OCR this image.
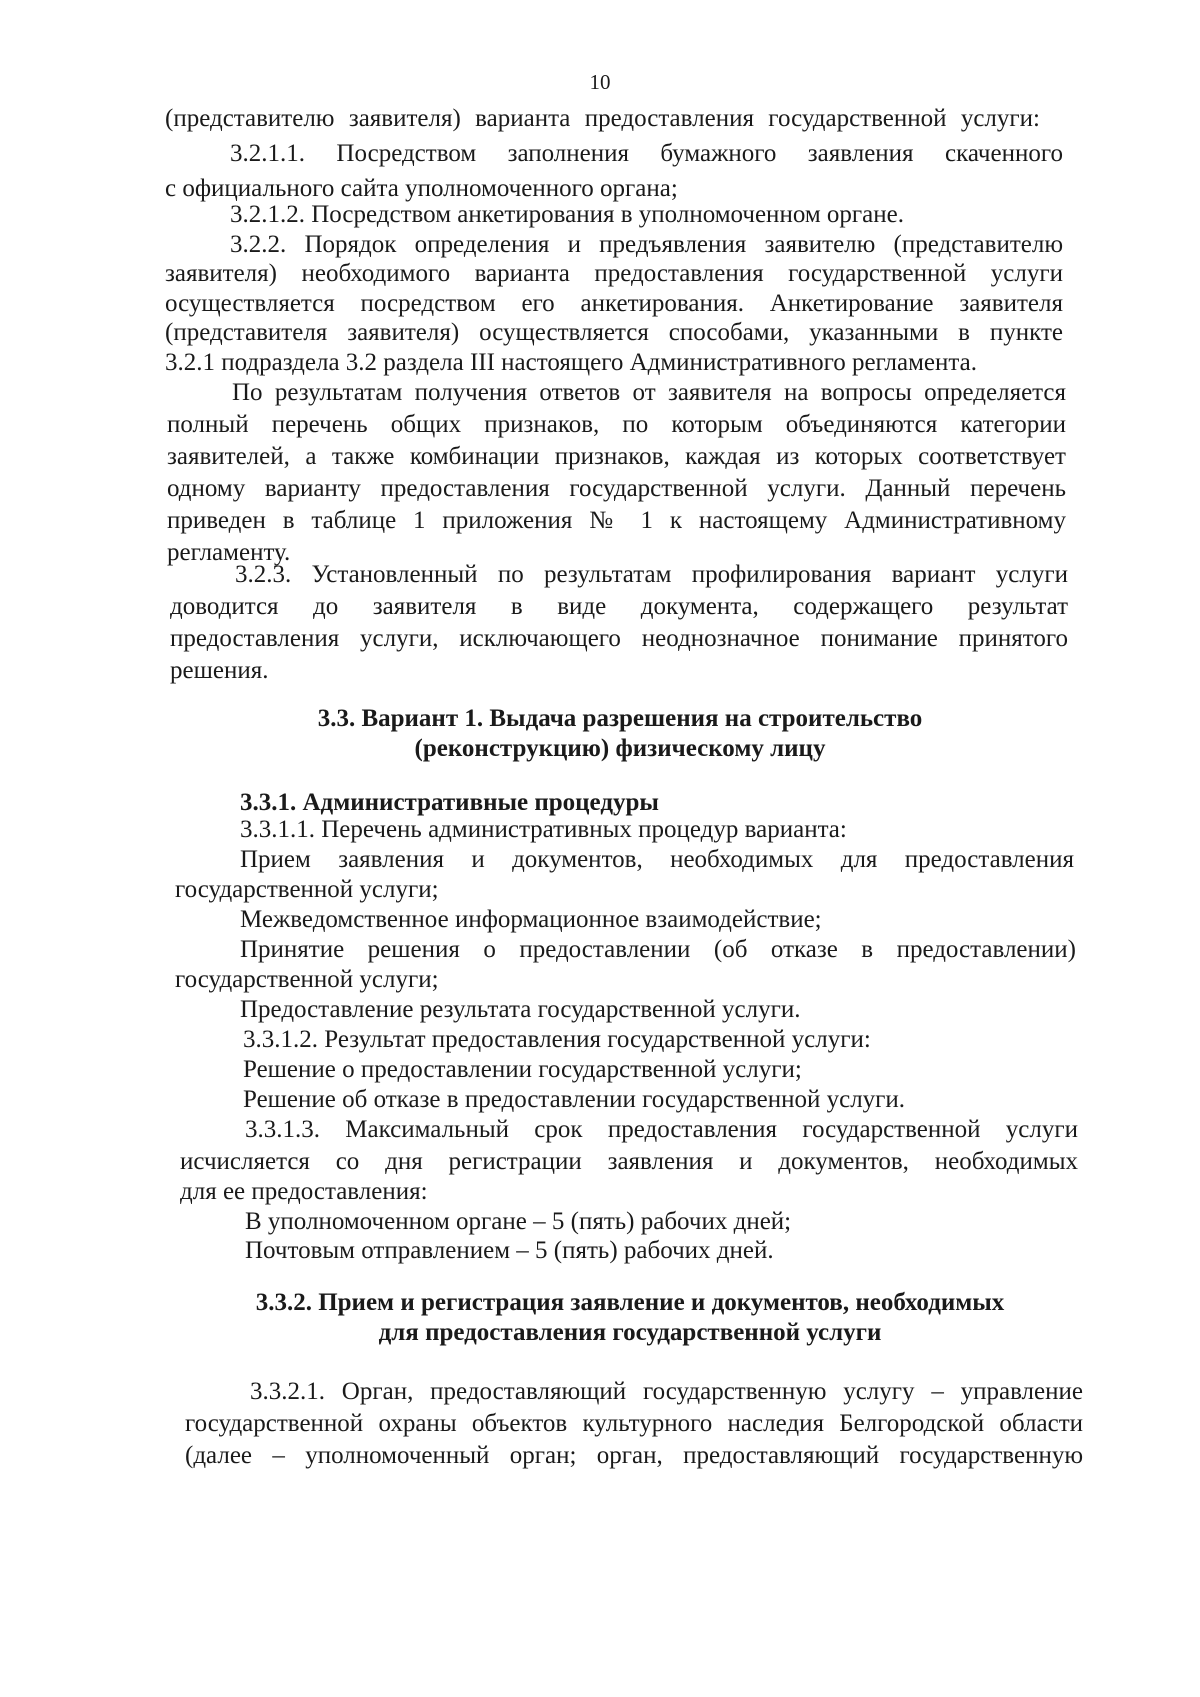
10

(представителю заявителя) варианта предоставления государственной услуги:

3.2.1.1. Посредством заполнения бумажного заявления скаченного

с официального сайта уполномоченного органа;

3.2.1.2. Посредством анкетирования в уполномоченном органе.

3.2.2. Порядок определения и предъявления заявителю (представителю

заявителя) необходимого варианта предоставления государственной услуги

осуществляется посредством его анкетирования. Анкетирование заявителя

(представителя заявителя) осуществляется способами, указанными в пункте

3.2.1 подраздела 3.2 раздела III настоящего Административного регламента.

По результатам получения ответов от заявителя на вопросы определяется

полный перечень общих признаков, по которым объединяются категории

заявителей, а также комбинации признаков, каждая из которых соответствует

одному варианту предоставления государственной услуги. Данный перечень

приведен в таблице 1 приложения № 1 к настоящему Административному

регламенту.

3.2.3. Установленный по результатам профилирования вариант услуги

доводится до заявителя в виде документа, содержащего результат

предоставления услуги, исключающего неоднозначное понимание принятого

решения.

3.3. Вариант 1. Выдача разрешения на строительство

(реконструкцию) физическому лицу

3.3.1. Административные процедуры

3.3.1.1. Перечень административных процедур варианта:

Прием заявления и документов, необходимых для предоставления

государственной услуги;

Межведомственное информационное взаимодействие;

Принятие решения о предоставлении (об отказе в предоставлении)

государственной услуги;

Предоставление результата государственной услуги.

3.3.1.2. Результат предоставления государственной услуги:

Решение о предоставлении государственной услуги;

Решение об отказе в предоставлении государственной услуги.

3.3.1.3. Максимальный срок предоставления государственной услуги

исчисляется со дня регистрации заявления и документов, необходимых

для ее предоставления:

В уполномоченном органе – 5 (пять) рабочих дней;

Почтовым отправлением – 5 (пять) рабочих дней.

3.3.2. Прием и регистрация заявление и документов, необходимых

для предоставления государственной услуги

3.3.2.1. Орган, предоставляющий государственную услугу – управление

государственной охраны объектов культурного наследия Белгородской области

(далее – уполномоченный орган; орган, предоставляющий государственную
